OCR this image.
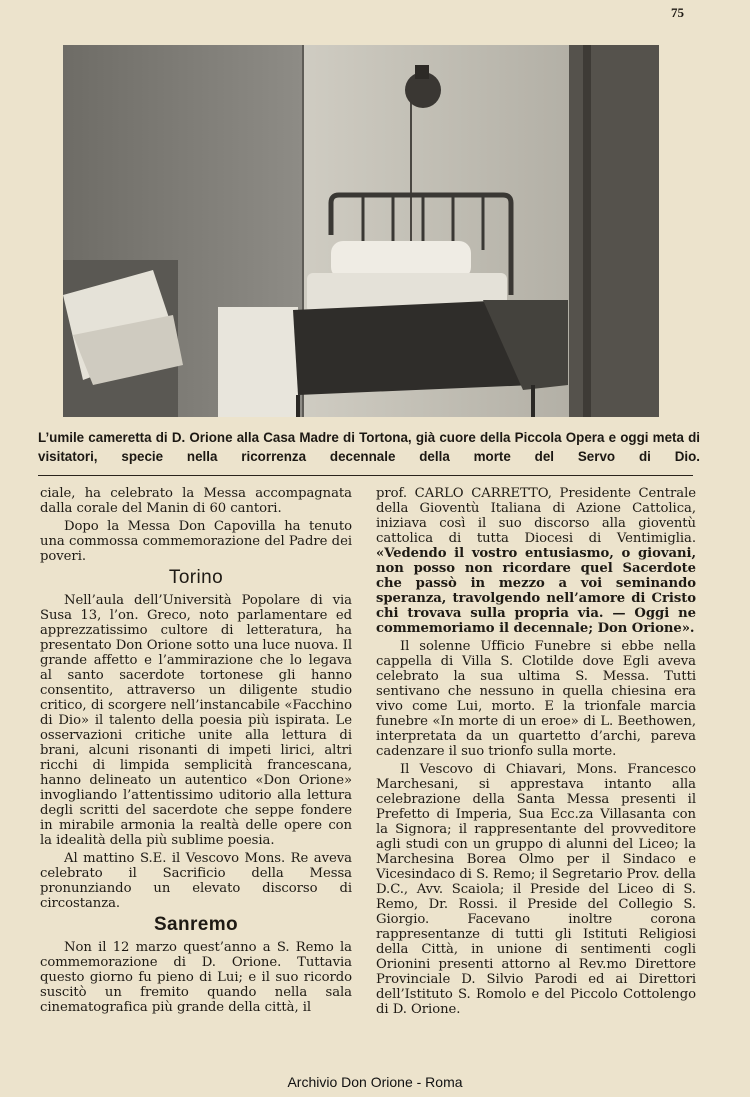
75
L’umile cameretta di D. Orione alla Casa Madre di Tortona, già cuore della Piccola Opera e oggi meta di visitatori, specie nella ricorrenza decennale della morte del Servo di Dio.

ciale, ha celebrato la Messa accompagnata dalla corale del Manin di 60 cantori.

Dopo la Messa Don Capovilla ha tenuto una commossa commemorazione del Padre dei poveri.

Torino

Nell’aula dell’Università Popolare di via Susa 13, l’on. Greco, noto parlamentare ed apprezzatissimo cultore di letteratura, ha presentato Don Orione sotto una luce nuova. Il grande affetto e l’ammirazione che lo legava al santo sacerdote tortonese gli hanno consentito, attraverso un diligente studio critico, di scorgere nell’instancabile «Facchino di Dio» il talento della poesia più ispirata. Le osservazioni critiche unite alla lettura di brani, alcuni risonanti di impeti lirici, altri ricchi di limpida semplicità francescana, hanno delineato un autentico «Don Orione» invogliando l’attentissimo uditorio alla lettura degli scritti del sacerdote che seppe fondere in mirabile armonia la realtà delle opere con la idealità della più sublime poesia.

Al mattino S.E. il Vescovo Mons. Re aveva celebrato il Sacrificio della Messa pronunziando un elevato discorso di circostanza.

Sanremo

Non il 12 marzo quest’anno a S. Remo la commemorazione di D. Orione. Tuttavia questo giorno fu pieno di Lui; e il suo ricordo suscitò un fremito quando nella sala cinematografica più grande della città, il

prof. CARLO CARRETTO, Presidente Centrale della Gioventù Italiana di Azione Cattolica, iniziava così il suo discorso alla gioventù cattolica di tutta Diocesi di Ventimiglia. «Vedendo il vostro entusiasmo, o giovani, non posso non ricordare quel Sacerdote che passò in mezzo a voi seminando speranza, travolgendo nell’amore di Cristo chi trovava sulla propria via. — Oggi ne commemoriamo il decennale; Don Orione».

Il solenne Ufficio Funebre si ebbe nella cappella di Villa S. Clotilde dove Egli aveva celebrato la sua ultima S. Messa. Tutti sentivano che nessuno in quella chiesina era vivo come Lui, morto. E la trionfale marcia funebre «In morte di un eroe» di L. Beethowen, interpretata da un quartetto d’archi, pareva cadenzare il suo trionfo sulla morte.

Il Vescovo di Chiavari, Mons. Francesco Marchesani, si apprestava intanto alla celebrazione della Santa Messa presenti il Prefetto di Imperia, Sua Ecc.za Villasanta con la Signora; il rappresentante del provveditore agli studi con un gruppo di alunni del Liceo; la Marchesina Borea Olmo per il Sindaco e Vicesindaco di S. Remo; il Segretario Prov. della D.C., Avv. Scaiola; il Preside del Liceo di S. Remo, Dr. Rossi. il Preside del Collegio S. Giorgio. Facevano inoltre corona rappresentanze di tutti gli Istituti Religiosi della Città, in unione di sentimenti cogli Orionini presenti attorno al Rev.mo Direttore Provinciale D. Silvio Parodi ed ai Direttori dell’Istituto S. Romolo e del Piccolo Cottolengo di D. Orione.

Archivio Don Orione - Roma
